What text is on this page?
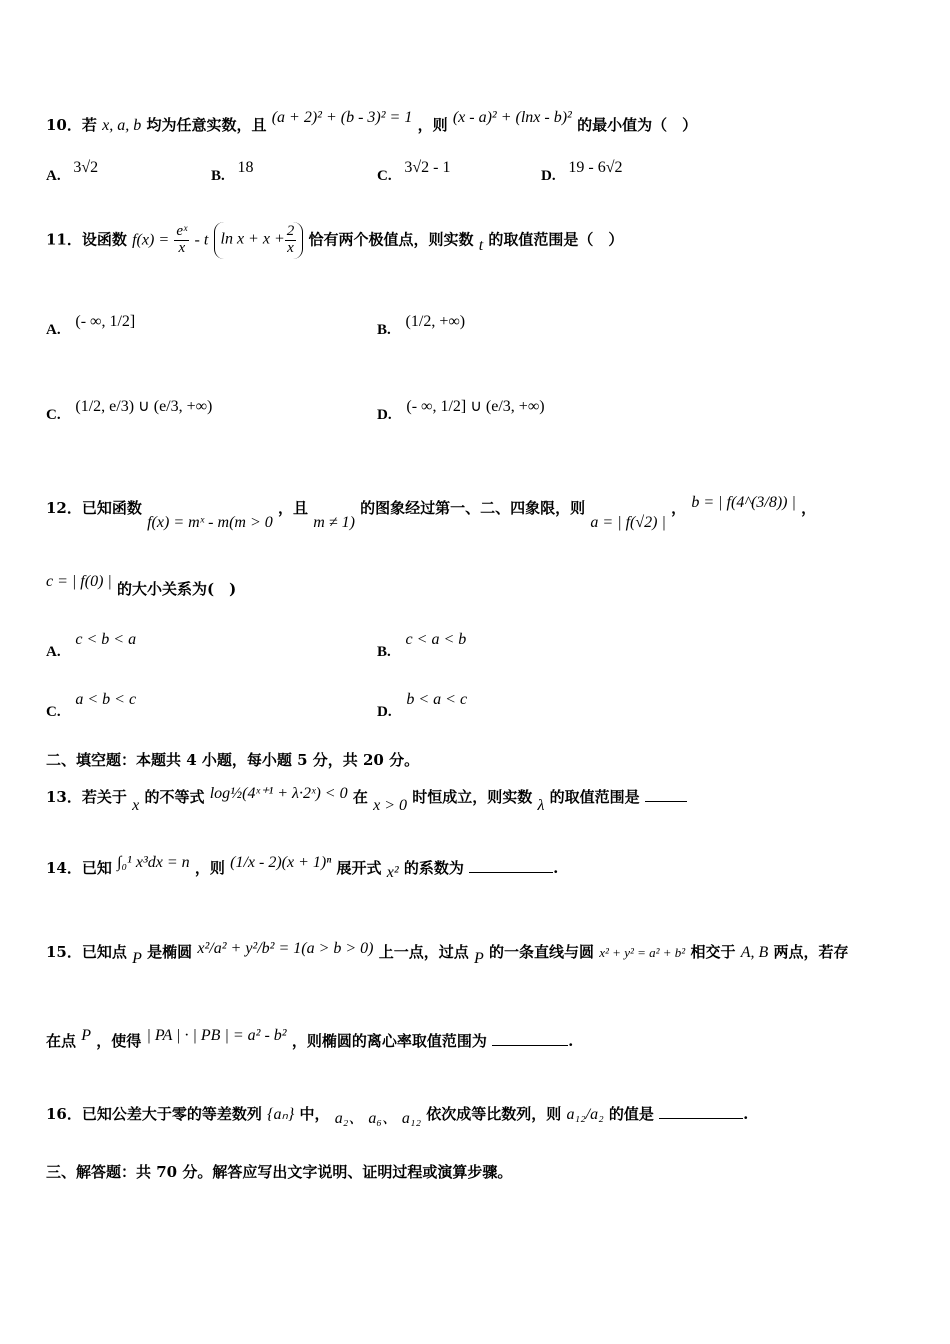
10．若 x, a, b 均为任意实数，且 (a + 2)² + (b - 3)² = 1 ，则 (x - a)² + (lnx - b)² 的最小值为（　）
A. 3√2	B. 18	C. 3√2 - 1	D. 19 - 6√2
11．设函数 $f(x) = \frac{\text{eˣ}}{x} - t$ $\ln x + x + \frac{2}{x}$ 恰有两个极值点，则实数 t 的取值范围是（　）
A. (- ∞, 1/2]	B. (1/2, +∞)
C. (1/2, e/3) ∪ (e/3, +∞)	D. (- ∞, 1/2] ∪ (e/3, +∞)
12．已知函数 f(x) = mˣ - m(m > 0 ，且 m ≠ 1) 的图象经过第一、二、四象限，则 a = | f(√2) | ， b = | f(4^(3/8)) | ，
c = | f(0) | 的大小关系为(　)
A. c < b < a
B. c < a < b
C. a < b < c
D. b < a < c
二、填空题：本题共 4 小题，每小题 5 分，共 20 分。
13．若关于 x 的不等式 log½(4ˣ⁺¹ + λ·2ˣ) < 0 在 x > 0 时恒成立，则实数 λ 的取值范围是
14．已知 ∫₀¹ x³dx = n ，则 (1/x - 2)(x + 1)ⁿ 展开式 x² 的系数为	.
15．已知点 P 是椭圆 x²/a² + y²/b² = 1(a > b > 0) 上一点，过点 P 的一条直线与圆 x² + y² = a² + b² 相交于 A, B 两点，若存
在点 P ，使得 | PA | · | PB | = a² - b² ，则椭圆的离心率取值范围为	.
16．已知公差大于零的等差数列 {aₙ} 中， a₂、 a₆、 a₁₂ 依次成等比数列，则 a₁₂/a₂ 的值是	.
三、解答题：共 70 分。解答应写出文字说明、证明过程或演算步骤。
